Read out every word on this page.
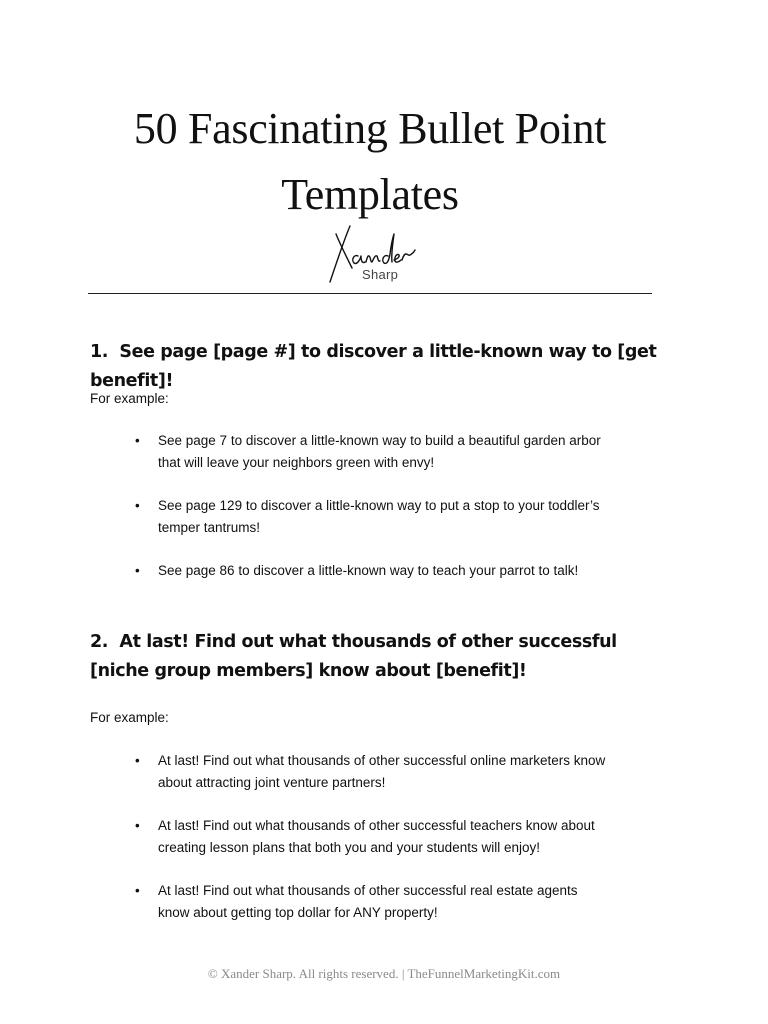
50 Fascinating Bullet Point
Templates
Sharp
1. See page [page #] to discover a little-known way to [get benefit]!
For example:
• See page 7 to discover a little-known way to build a beautiful garden arbor that will leave your neighbors green with envy!
• See page 129 to discover a little-known way to put a stop to your toddler’s temper tantrums!
• See page 86 to discover a little-known way to teach your parrot to talk!
2. At last! Find out what thousands of other successful [niche group members] know about [benefit]!
For example:
• At last! Find out what thousands of other successful online marketers know about attracting joint venture partners!
• At last! Find out what thousands of other successful teachers know about creating lesson plans that both you and your students will enjoy!
• At last! Find out what thousands of other successful real estate agents know about getting top dollar for ANY property!
© Xander Sharp. All rights reserved. | TheFunnelMarketingKit.com
